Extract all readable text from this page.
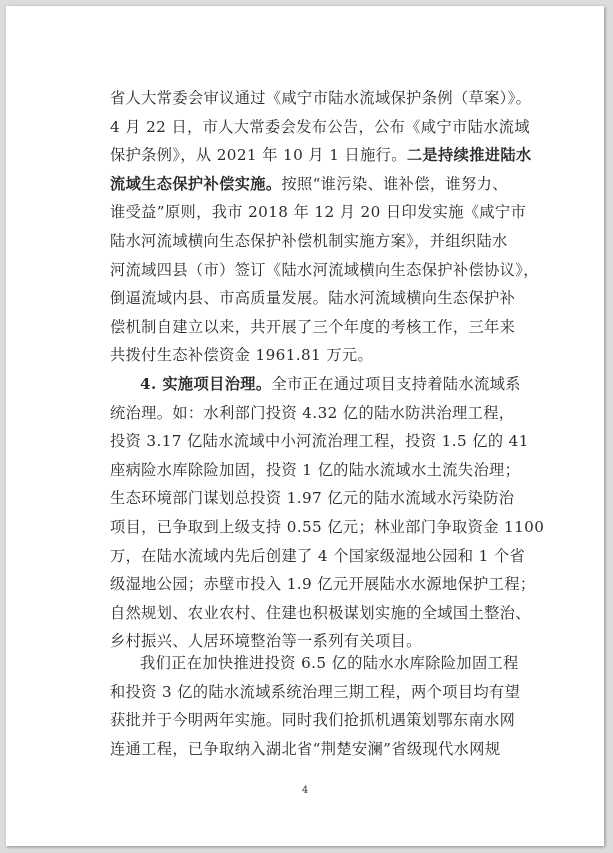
省人大常委会审议通过《咸宁市陆水流域保护条例（草案）》。
4 月 22 日，市人大常委会发布公告，公布《咸宁市陆水流域
保护条例》，从 2021 年 10 月 1 日施行。二是持续推进陆水
流域生态保护补偿实施。按照“谁污染、谁补偿，谁努力、
谁受益”原则，我市 2018 年 12 月 20 日印发实施《咸宁市
陆水河流域横向生态保护补偿机制实施方案》，并组织陆水
河流域四县（市）签订《陆水河流域横向生态保护补偿协议》，
倒逼流域内县、市高质量发展。陆水河流域横向生态保护补
偿机制自建立以来，共开展了三个年度的考核工作，三年来
共拨付生态补偿资金 1961.81 万元。
4. 实施项目治理。全市正在通过项目支持着陆水流域系
统治理。如：水利部门投资 4.32 亿的陆水防洪治理工程，
投资 3.17 亿陆水流域中小河流治理工程，投资 1.5 亿的 41
座病险水库除险加固，投资 1 亿的陆水流域水土流失治理；
生态环境部门谋划总投资 1.97 亿元的陆水流域水污染防治
项目，已争取到上级支持 0.55 亿元；林业部门争取资金 1100
万，在陆水流域内先后创建了 4 个国家级湿地公园和 1 个省
级湿地公园；赤壁市投入 1.9 亿元开展陆水水源地保护工程；
自然规划、农业农村、住建也积极谋划实施的全域国土整治、
乡村振兴、人居环境整治等一系列有关项目。
我们正在加快推进投资 6.5 亿的陆水水库除险加固工程
和投资 3 亿的陆水流域系统治理三期工程，两个项目均有望
获批并于今明两年实施。同时我们抢抓机遇策划鄂东南水网
连通工程，已争取纳入湖北省“荆楚安澜”省级现代水网规
4
